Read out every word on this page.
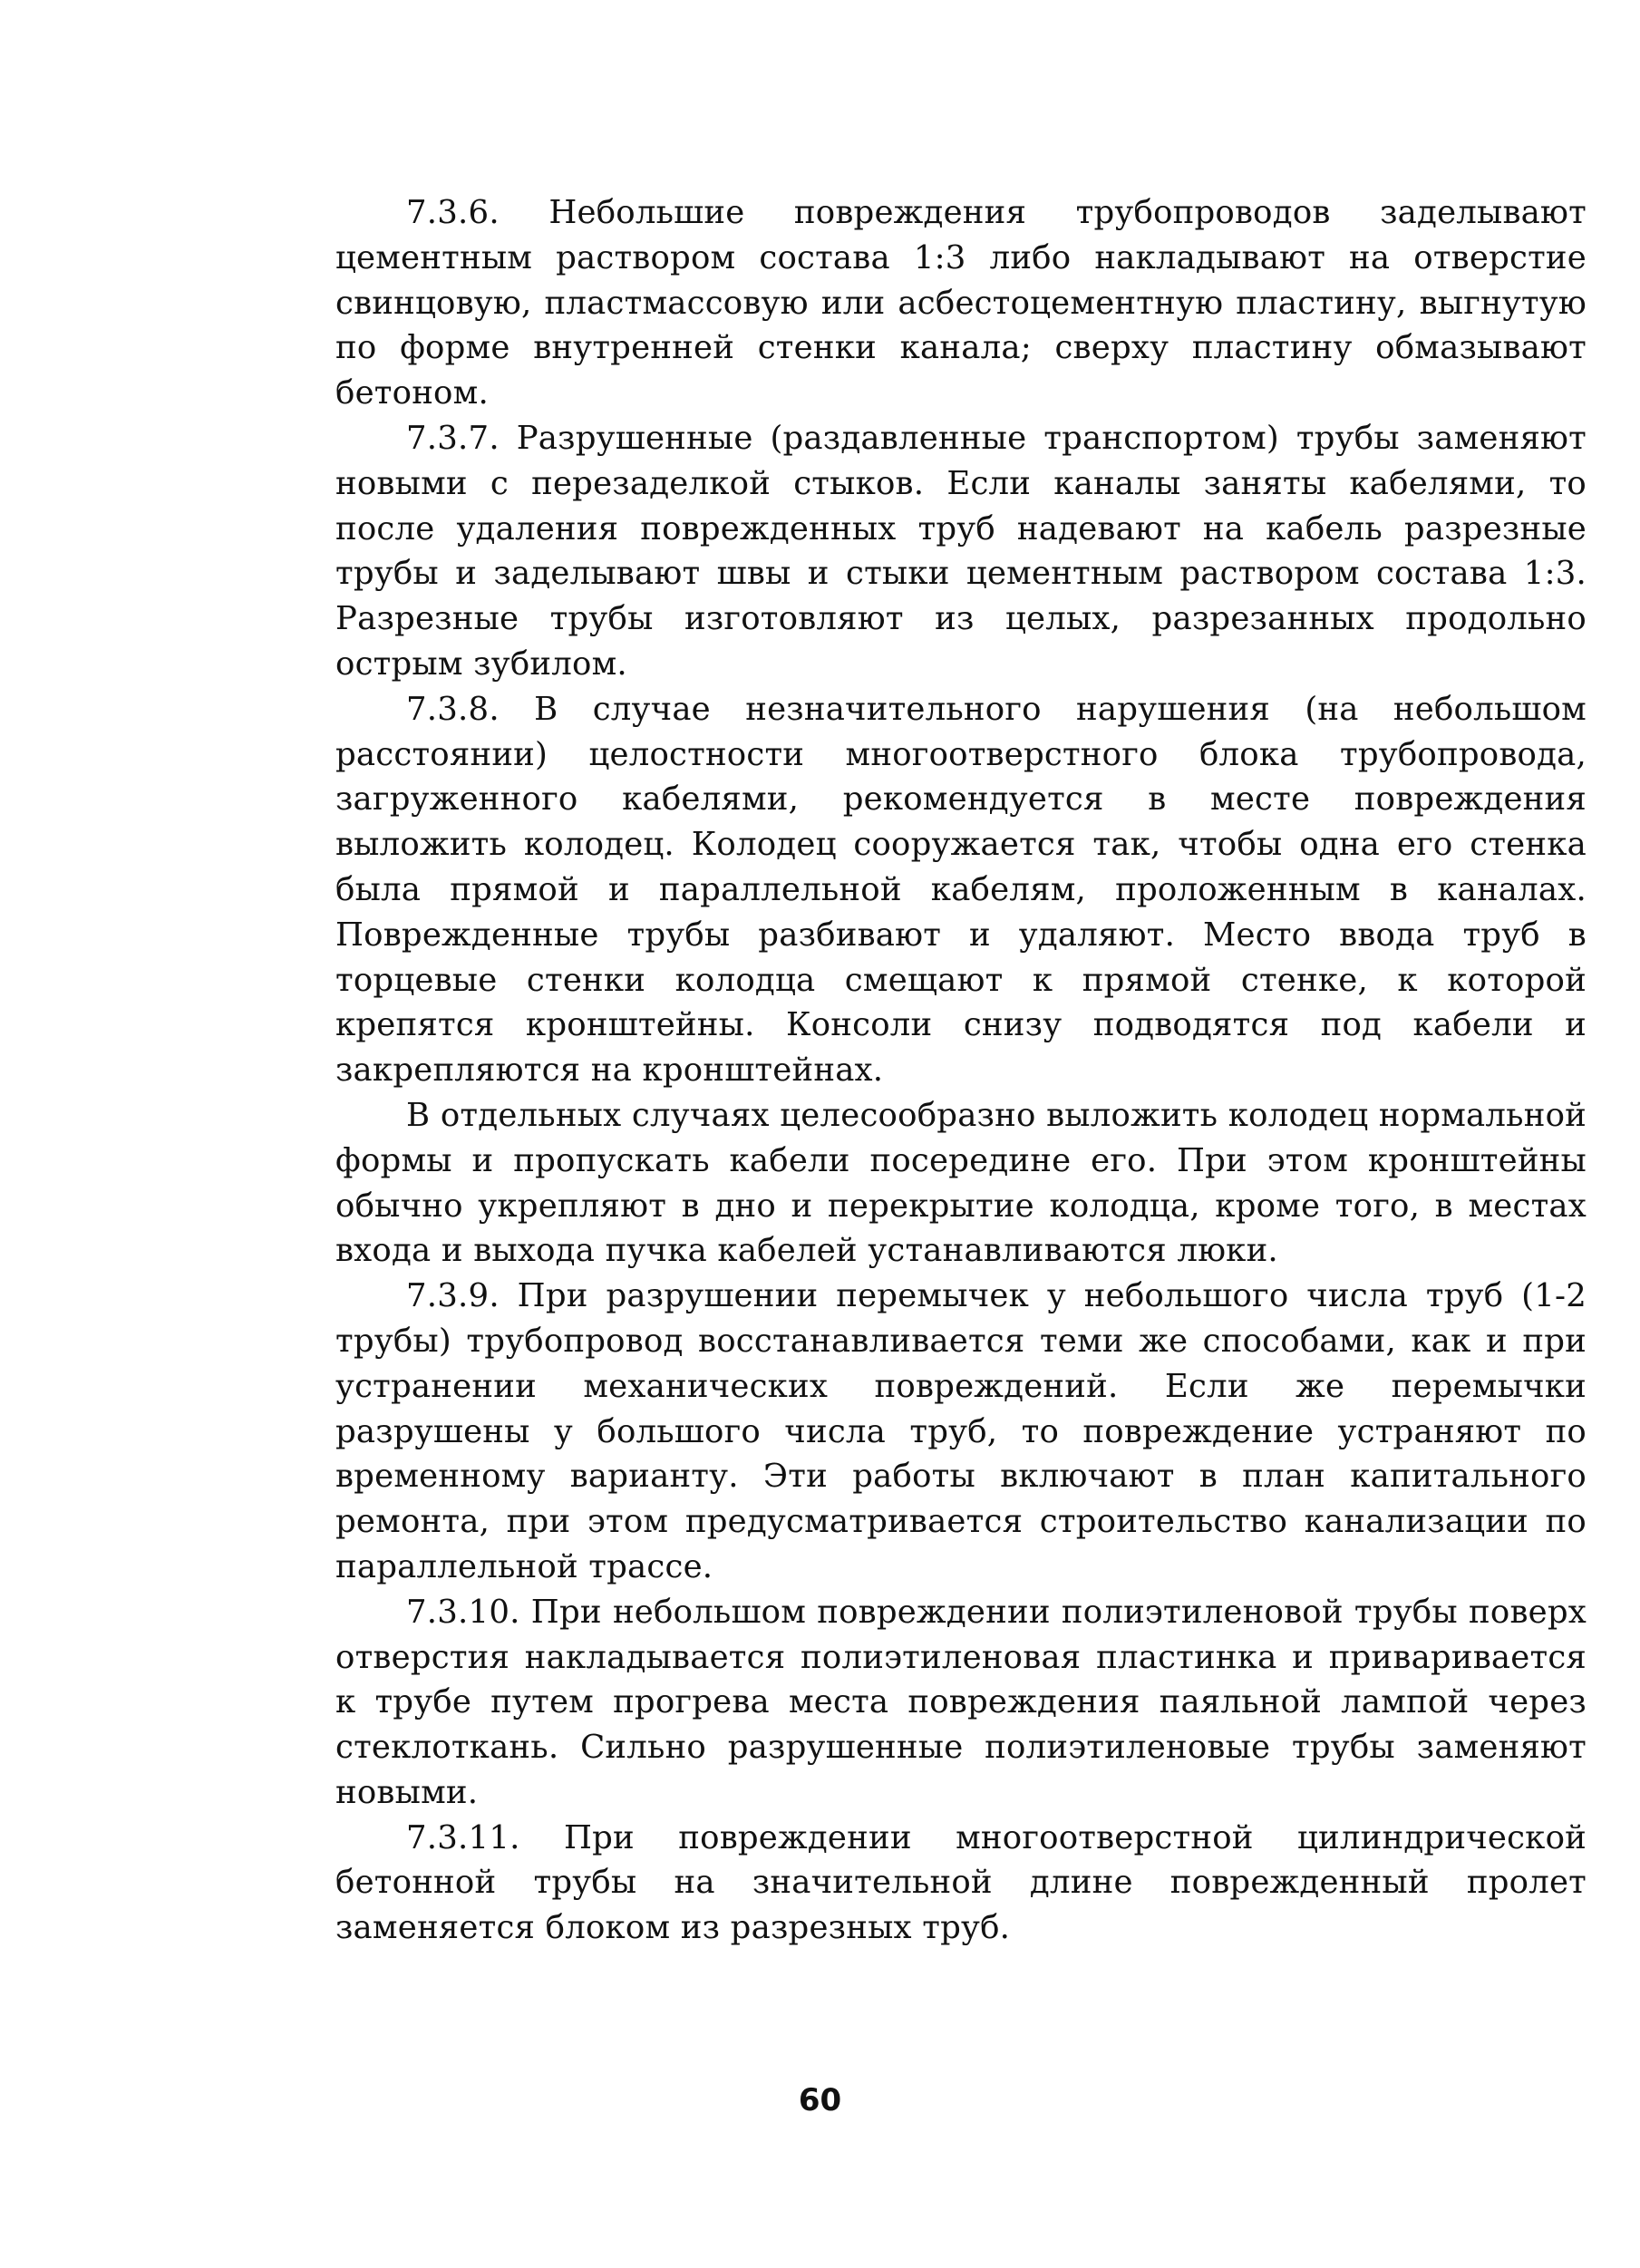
7.3.6. Небольшие повреждения трубопроводов заделывают цементным раствором состава 1:3 либо накладывают на отверстие свинцовую, пластмассовую или асбестоцементную пластину, выгнутую по форме внутренней стенки канала; сверху пластину обмазывают бетоном.

7.3.7. Разрушенные (раздавленные транспортом) трубы заменяют новыми с перезаделкой стыков. Если каналы заняты кабелями, то после удаления поврежденных труб надевают на кабель разрезные трубы и заделывают швы и стыки цементным раствором состава 1:3. Разрезные трубы изготовляют из целых, разрезанных продольно острым зубилом.

7.3.8. В случае незначительного нарушения (на небольшом расстоянии) целостности многоотверстного блока трубопровода, загруженного кабелями, рекомендуется в месте повреждения выложить колодец. Колодец сооружается так, чтобы одна его стенка была прямой и параллельной кабелям, проложенным в каналах. Поврежденные трубы разбивают и удаляют. Место ввода труб в торцевые стенки колодца смещают к прямой стенке, к которой крепятся кронштейны. Консоли снизу подводятся под кабели и закрепляются на кронштейнах.

В отдельных случаях целесообразно выложить колодец нормальной формы и пропускать кабели посередине его. При этом кронштейны обычно укрепляют в дно и перекрытие колодца, кроме того, в местах входа и выхода пучка кабелей устанавливаются люки.

7.3.9. При разрушении перемычек у небольшого числа труб (1-2 трубы) трубопровод восстанавливается теми же способами, как и при устранении механических повреждений. Если же перемычки разрушены у большого числа труб, то повреждение устраняют по временному варианту. Эти работы включают в план капитального ремонта, при этом предусматривается строительство канализации по параллельной трассе.

7.3.10. При небольшом повреждении полиэтиленовой трубы поверх отверстия накладывается полиэтиленовая пластинка и приваривается к трубе путем прогрева места повреждения паяльной лампой через стеклоткань. Сильно разрушенные полиэтиленовые трубы заменяют новыми.

7.3.11. При повреждении многоотверстной цилиндрической бетонной трубы на значительной длине поврежденный пролет заменяется блоком из разрезных труб.

60
